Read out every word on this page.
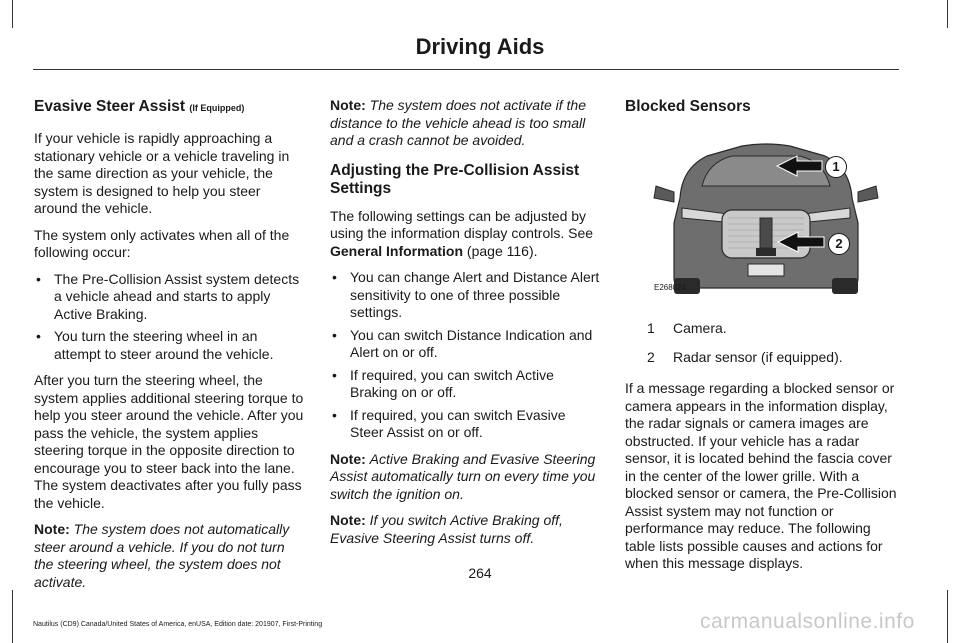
Driving Aids
Evasive Steer Assist (If Equipped)

If your vehicle is rapidly approaching a stationary vehicle or a vehicle traveling in the same direction as your vehicle, the system is designed to help you steer around the vehicle.

The system only activates when all of the following occur:

• The Pre-Collision Assist system detects a vehicle ahead and starts to apply Active Braking.
• You turn the steering wheel in an attempt to steer around the vehicle.

After you turn the steering wheel, the system applies additional steering torque to help you steer around the vehicle. After you pass the vehicle, the system applies steering torque in the opposite direction to encourage you to steer back into the lane. The system deactivates after you fully pass the vehicle.

Note: The system does not automatically steer around a vehicle. If you do not turn the steering wheel, the system does not activate.

Note: The system does not activate if the distance to the vehicle ahead is too small and a crash cannot be avoided.

Adjusting the Pre-Collision Assist Settings

The following settings can be adjusted by using the information display controls. See General Information (page 116).

• You can change Alert and Distance Alert sensitivity to one of three possible settings.
• You can switch Distance Indication and Alert on or off.
• If required, you can switch Active Braking on or off.
• If required, you can switch Evasive Steer Assist on or off.

Note: Active Braking and Evasive Steering Assist automatically turn on every time you switch the ignition on.

Note: If you switch Active Braking off, Evasive Steering Assist turns off.

Blocked Sensors
1
2
E268024
1	Camera.
2	Radar sensor (if equipped).

If a message regarding a blocked sensor or camera appears in the information display, the radar signals or camera images are obstructed. If your vehicle has a radar sensor, it is located behind the fascia cover in the center of the lower grille. With a blocked sensor or camera, the Pre-Collision Assist system may not function or performance may reduce. The following table lists possible causes and actions for when this message displays.

264
Nautilus (CD9) Canada/United States of America, enUSA, Edition date: 201907, First-Printing	carmanualsonline.info
